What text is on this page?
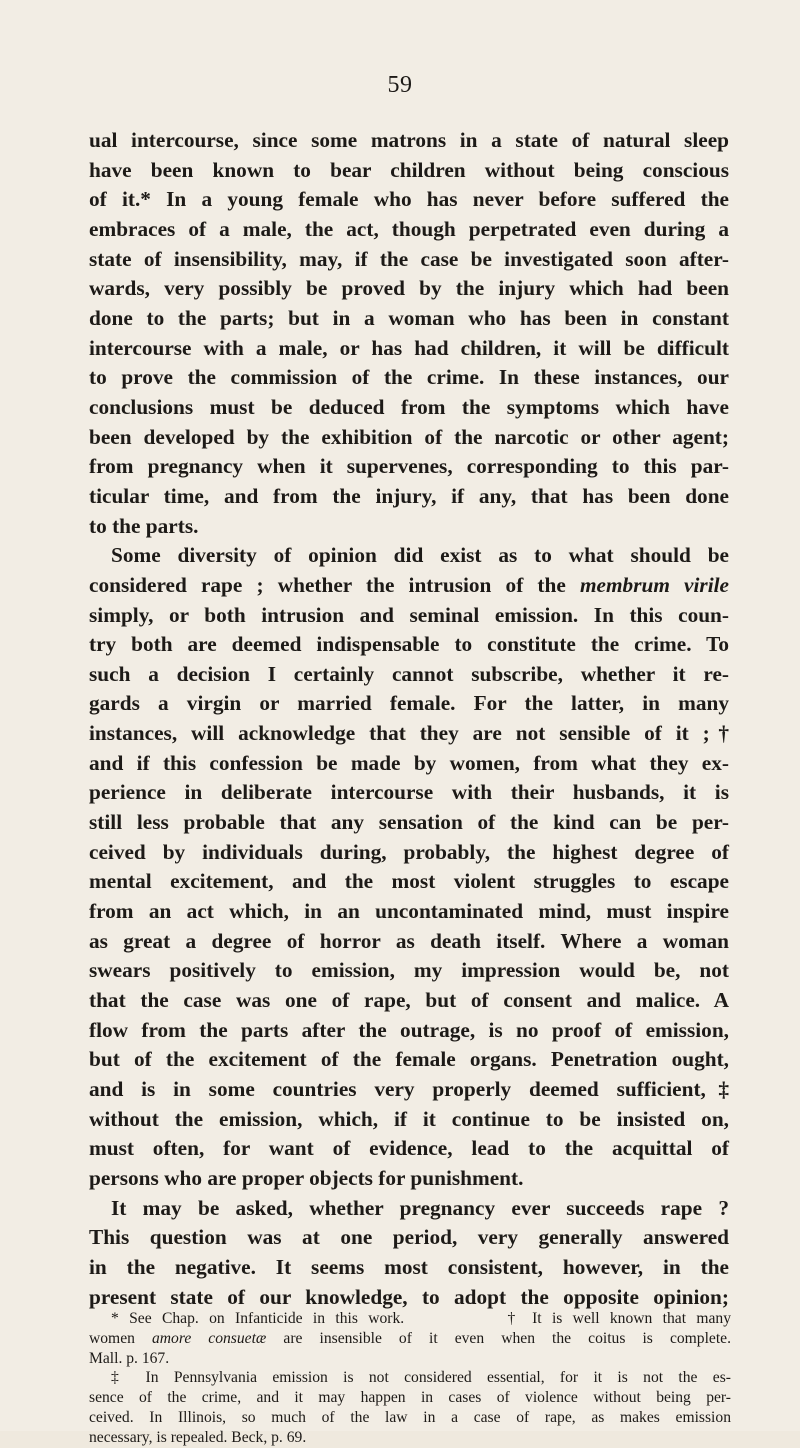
59
ual intercourse, since some matrons in a state of natural sleep
have been known to bear children without being conscious
of it.* In a young female who has never before suffered the
embraces of a male, the act, though perpetrated even during a
state of insensibility, may, if the case be investigated soon after-
wards, very possibly be proved by the injury which had been
done to the parts; but in a woman who has been in constant
intercourse with a male, or has had children, it will be difficult
to prove the commission of the crime. In these instances, our
conclusions must be deduced from the symptoms which have
been developed by the exhibition of the narcotic or other agent;
from pregnancy when it supervenes, corresponding to this par-
ticular time, and from the injury, if any, that has been done
to the parts.
Some diversity of opinion did exist as to what should be
considered rape ; whether the intrusion of the membrum virile
simply, or both intrusion and seminal emission. In this coun-
try both are deemed indispensable to constitute the crime. To
such a decision I certainly cannot subscribe, whether it re-
gards a virgin or married female. For the latter, in many
instances, will acknowledge that they are not sensible of it ;†
and if this confession be made by women, from what they ex-
perience in deliberate intercourse with their husbands, it is
still less probable that any sensation of the kind can be per-
ceived by individuals during, probably, the highest degree of
mental excitement, and the most violent struggles to escape
from an act which, in an uncontaminated mind, must inspire
as great a degree of horror as death itself. Where a woman
swears positively to emission, my impression would be, not
that the case was one of rape, but of consent and malice. A
flow from the parts after the outrage, is no proof of emission,
but of the excitement of the female organs. Penetration ought,
and is in some countries very properly deemed sufficient,‡
without the emission, which, if it continue to be insisted on,
must often, for want of evidence, lead to the acquittal of
persons who are proper objects for punishment.
It may be asked, whether pregnancy ever succeeds rape ?
This question was at one period, very generally answered
in the negative. It seems most consistent, however, in the
present state of our knowledge, to adopt the opposite opinion;
* See Chap. on Infanticide in this work.	† It is well known that many
women amore consuetæ are insensible of it even when the coitus is complete.
Mall. p. 167.
‡ In Pennsylvania emission is not considered essential, for it is not the es-
sence of the crime, and it may happen in cases of violence without being per-
ceived. In Illinois, so much of the law in a case of rape, as makes emission
necessary, is repealed. Beck, p. 69.
